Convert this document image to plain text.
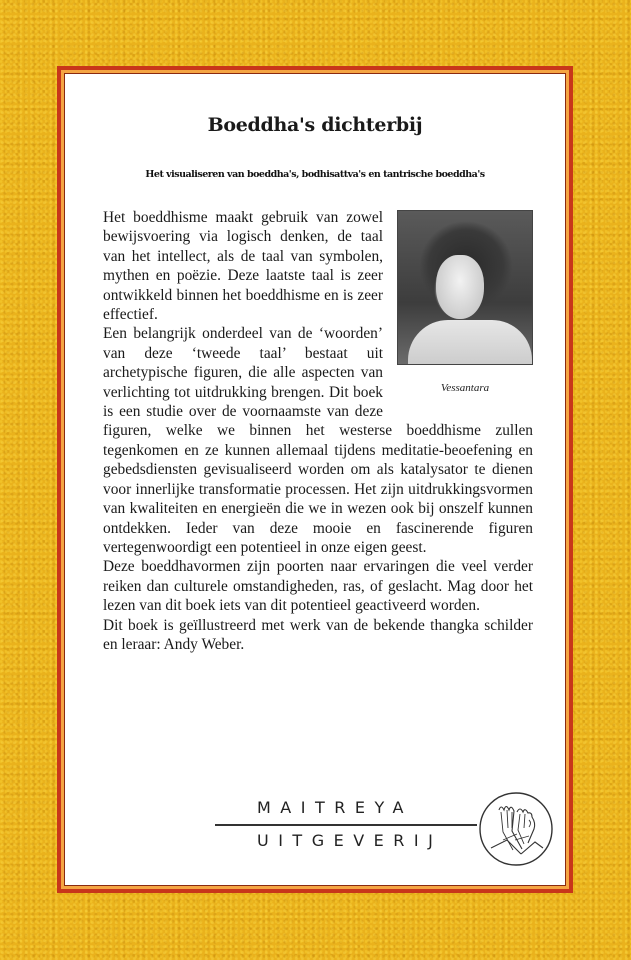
Boeddha's dichterbij
Het visualiseren van boeddha's, bodhisattva's en tantrische boeddha's
Vessantara

Het boeddhisme maakt gebruik van zowel bewijsvoering via logisch denken, de taal van het intellect, als de taal van symbolen, mythen en poëzie. Deze laatste taal is zeer ontwikkeld binnen het boeddhisme en is zeer effectief.

Een belangrijk onderdeel van de ‘woorden’ van deze ‘tweede taal’ bestaat uit archetypische figuren, die alle aspecten van verlichting tot uitdrukking brengen. Dit boek is een studie over de voornaamste van deze figuren, welke we binnen het westerse boeddhisme zullen tegenkomen en ze kunnen allemaal tijdens meditatie-beoefening en gebedsdiensten gevisualiseerd worden om als katalysator te dienen voor innerlijke transformatie processen. Het zijn uitdrukkingsvormen van kwaliteiten en energieën die we in wezen ook bij onszelf kunnen ontdekken. Ieder van deze mooie en fascinerende figuren vertegenwoordigt een potentieel in onze eigen geest.

Deze boeddhavormen zijn poorten naar ervaringen die veel verder reiken dan culturele omstandigheden, ras, of geslacht. Mag door het lezen van dit boek iets van dit potentieel geactiveerd worden.

Dit boek is geïllustreerd met werk van de bekende thangka schilder en leraar: Andy Weber.

MAITREYA
UITGEVERIJ
